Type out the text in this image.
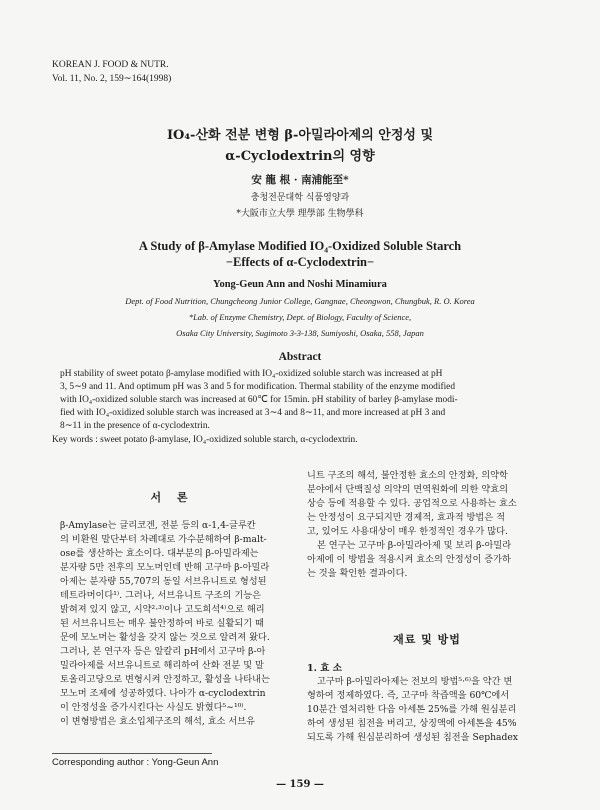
KOREAN J. FOOD & NUTR.
Vol. 11, No. 2, 159∼164(1998)
IO₄-산화 전분 변형 β-아밀라아제의 안정성 및
α-Cyclodextrin의 영향
安 龍 根 · 南浦能至*
충청전문대학 식품영양과
*大阪市立大學 理學部 生物學科
A Study of β-Amylase Modified IO₄-Oxidized Soluble Starch
−Effects of α-Cyclodextrin−
Yong-Geun Ann and Noshi Minamiura
Dept. of Food Nutrition, Chungcheong Junior College, Gangnae, Cheongwon, Chungbuk, R. O. Korea
*Lab. of Enzyme Chemistry, Dept. of Biology, Faculty of Science,
Osaka City University, Sugimoto 3-3-138, Sumiyoshi, Osaka, 558, Japan
Abstract
pH stability of sweet potato β-amylase modified with IO₄-oxidized soluble starch was increased at pH
3, 5∼9 and 11. And optimum pH was 3 and 5 for modification. Thermal stability of the enzyme modified
with IO₄-oxidized soluble starch was increased at 60℃ for 15min. pH stability of barley β-amylase modi-
fied with IO₄-oxidized soluble starch was increased at 3∼4 and 8∼11, and more increased at pH 3 and
8∼11 in the presence of α-cyclodextrin.
Key words : sweet potato β-amylase, IO₄-oxidized soluble starch, α-cyclodextrin.
서 론
β-Amylase는 글리코겐, 전분 등의 α-1,4-글루칸
의 비환원 말단부터 차례대로 가수분해하여 β-malt-
ose를 생산하는 효소이다. 대부분의 β-아밀라제는
분자량 5만 전후의 모노머인데 반해 고구마 β-아밀라
아제는 분자량 55,707의 동일 서브유니트로 형성된
테트라머이다¹⁾. 그러나, 서브유니트 구조의 기능은
밝혀져 있지 않고, 시약²·³⁾이나 고도희석⁴⁾으로 해리
된 서브유니트는 매우 불안정하여 바로 실활되기 때
문에 모노머는 활성을 갖지 않는 것으로 알려져 왔다.
그러나, 본 연구자 등은 알칼리 pH에서 고구마 β-아
밀라아제를 서브유니트로 해리하여 산화 전분 및 말
토올리고당으로 변형시켜 안정하고, 활성을 나타내는
모노머 조제에 성공하였다. 나아가 α-cyclodextrin
이 안정성을 증가시킨다는 사실도 밝혔다⁵∼¹⁰⁾.
이 변형방법은 효소입체구조의 해석, 효소 서브유
니트 구조의 해석, 불안정한 효소의 안정화, 의약학
분야에서 단백질성 의약의 면역원화에 의한 약효의
상승 등에 적용할 수 있다. 공업적으로 사용하는 효소
는 안정성이 요구되지만 경제적, 효과적 방법은 적
고, 있어도 사용대상이 매우 한정적인 경우가 많다.
본 연구는 고구마 β-아밀라아제 및 보리 β-아밀라
아제에 이 방법을 적용시켜 효소의 안정성이 증가하
는 것을 확인한 결과이다.
재료 및 방법
1. 효 소
고구마 β-아밀라아제는 전보의 방법⁵·⁶⁾을 약간 변
형하여 정제하였다. 즉, 고구마 착즙액을 60℃에서
10분간 열처리한 다음 아세톤 25%를 가해 원심분리
하여 생성된 침전을 버리고, 상징액에 아세톤을 45%
되도록 가해 원심분리하여 생성된 침전을 Sephadex
Corresponding author : Yong-Geun Ann
— 159 —
